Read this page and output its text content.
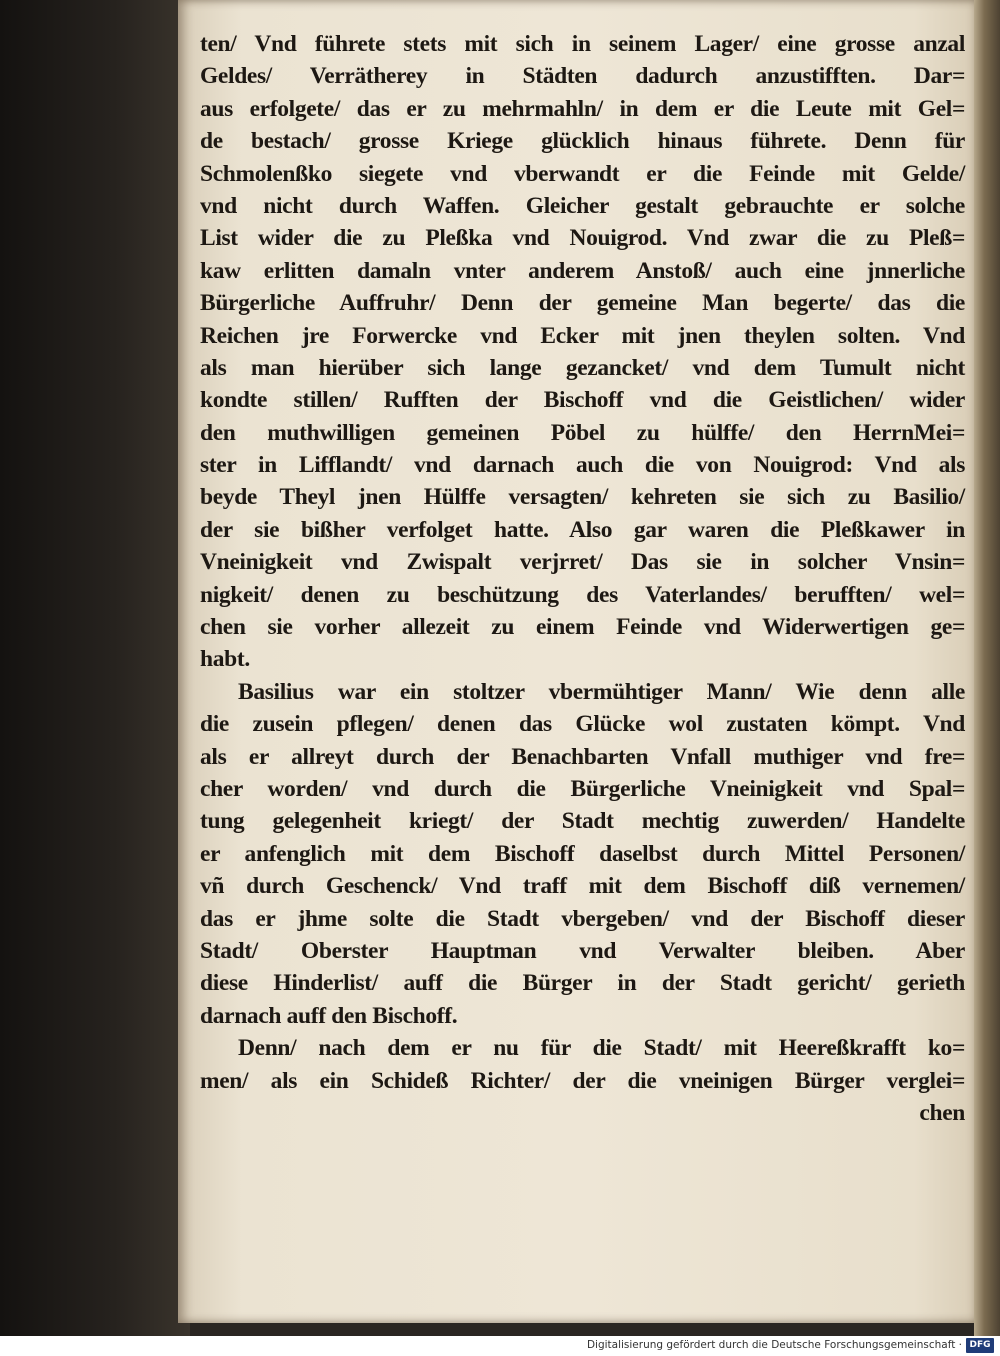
ten/ Vnd führete stets mit sich in seinem Lager/ eine grosse anzal
Geldes/ Verrätherey in Städten dadurch anzustifften. Dar=
aus erfolgete/ das er zu mehrmahln/ in dem er die Leute mit Gel=
de bestach/ grosse Kriege glücklich hinaus führete. Denn für
Schmolenßko siegete vnd vberwandt er die Feinde mit Gelde/
vnd nicht durch Waffen. Gleicher gestalt gebrauchte er solche
List wider die zu Pleßka vnd Nouigrod. Vnd zwar die zu Pleß=
kaw erlitten damaln vnter anderem Anstoß/ auch eine jnnerliche
Bürgerliche Auffruhr/ Denn der gemeine Man begerte/ das die
Reichen jre Forwercke vnd Ecker mit jnen theylen solten. Vnd
als man hierüber sich lange gezancket/ vnd dem Tumult nicht
kondte stillen/ Rufften der Bischoff vnd die Geistlichen/ wider
den muthwilligen gemeinen Pöbel zu hülffe/ den HerrnMei=
ster in Lifflandt/ vnd darnach auch die von Nouigrod: Vnd als
beyde Theyl jnen Hülffe versagten/ kehreten sie sich zu Basilio/
der sie bißher verfolget hatte. Also gar waren die Pleßkawer in
Vneinigkeit vnd Zwispalt verjrret/ Das sie in solcher Vnsin=
nigkeit/ denen zu beschützung des Vaterlandes/ berufften/ wel=
chen sie vorher allezeit zu einem Feinde vnd Widerwertigen ge=
habt.
Basilius war ein stoltzer vbermühtiger Mann/ Wie denn alle
die zusein pflegen/ denen das Glücke wol zustaten kömpt. Vnd
als er allreyt durch der Benachbarten Vnfall muthiger vnd fre=
cher worden/ vnd durch die Bürgerliche Vneinigkeit vnd Spal=
tung gelegenheit kriegt/ der Stadt mechtig zuwerden/ Handelte
er anfenglich mit dem Bischoff daselbst durch Mittel Personen/
vñ durch Geschenck/ Vnd traff mit dem Bischoff diß vernemen/
das er jhme solte die Stadt vbergeben/ vnd der Bischoff dieser
Stadt/ Oberster Hauptman vnd Verwalter bleiben. Aber
diese Hinderlist/ auff die Bürger in der Stadt gericht/ gerieth
darnach auff den Bischoff.
Denn/ nach dem er nu für die Stadt/ mit Heereßkrafft ko=
men/ als ein Schideß Richter/ der die vneinigen Bürger verglei=
chen
Digitalisierung gefördert durch die Deutsche Forschungsgemeinschaft · DFG
